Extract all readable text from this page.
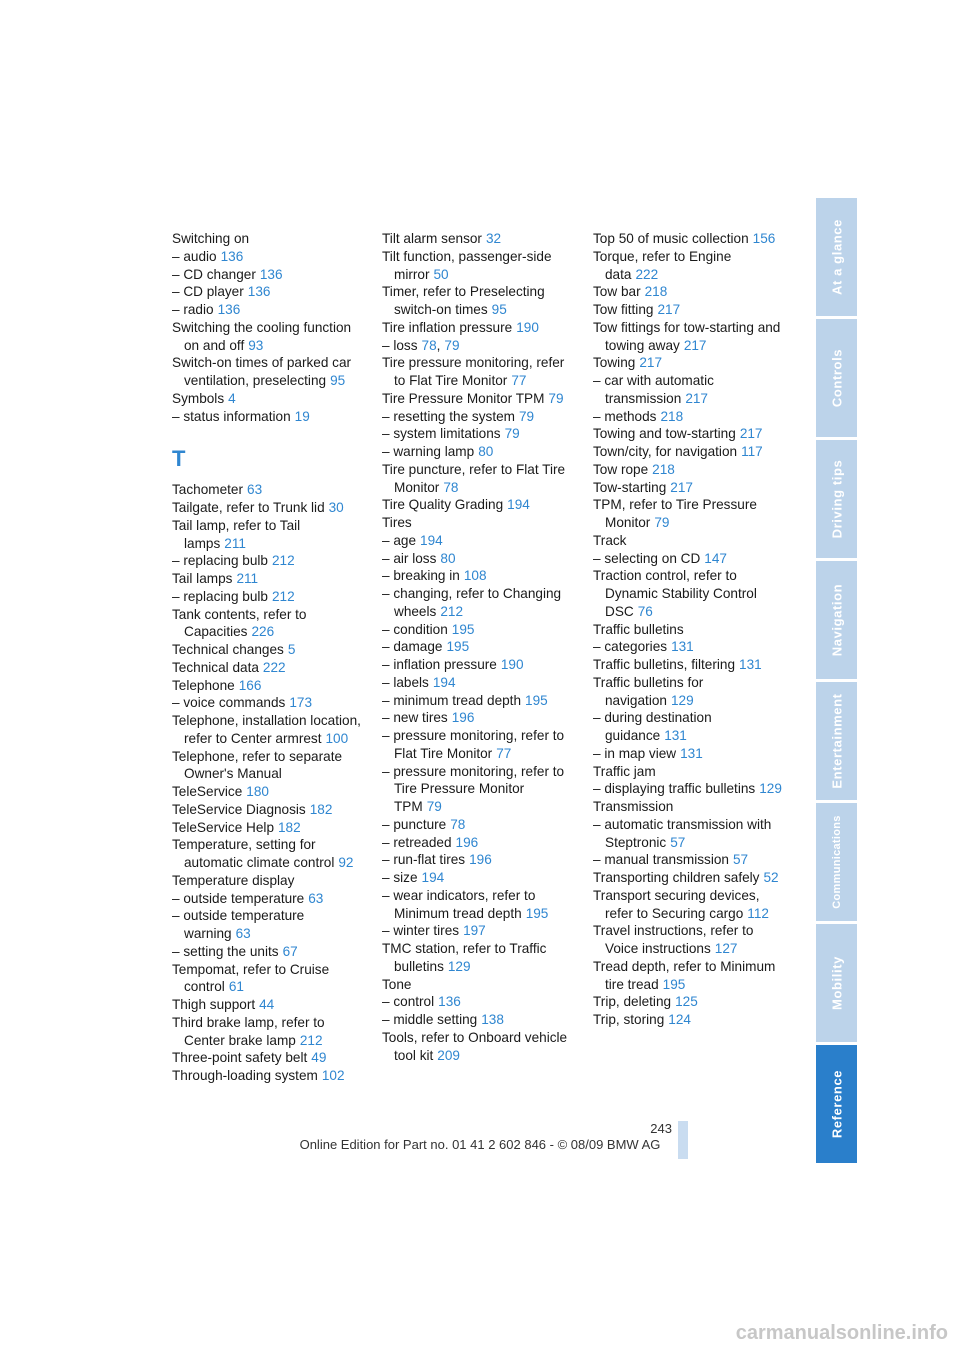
Switching on
– audio 136
– CD changer 136
– CD player 136
– radio 136
Switching the cooling function on and off 93
Switch-on times of parked car ventilation, preselecting 95
Symbols 4
– status information 19
T
Tachometer 63
Tailgate, refer to Trunk lid 30
Tail lamp, refer to Tail lamps 211
– replacing bulb 212
Tail lamps 211
– replacing bulb 212
Tank contents, refer to Capacities 226
Technical changes 5
Technical data 222
Telephone 166
– voice commands 173
Telephone, installation location, refer to Center armrest 100
Telephone, refer to separate Owner's Manual
TeleService 180
TeleService Diagnosis 182
TeleService Help 182
Temperature, setting for automatic climate control 92
Temperature display
– outside temperature 63
– outside temperature warning 63
– setting the units 67
Tempomat, refer to Cruise control 61
Thigh support 44
Third brake lamp, refer to Center brake lamp 212
Three-point safety belt 49
Through-loading system 102
Tilt alarm sensor 32
Tilt function, passenger-side mirror 50
Timer, refer to Preselecting switch-on times 95
Tire inflation pressure 190
– loss 78, 79
Tire pressure monitoring, refer to Flat Tire Monitor 77
Tire Pressure Monitor TPM 79
– resetting the system 79
– system limitations 79
– warning lamp 80
Tire puncture, refer to Flat Tire Monitor 78
Tire Quality Grading 194
Tires
– age 194
– air loss 80
– breaking in 108
– changing, refer to Changing wheels 212
– condition 195
– damage 195
– inflation pressure 190
– labels 194
– minimum tread depth 195
– new tires 196
– pressure monitoring, refer to Flat Tire Monitor 77
– pressure monitoring, refer to Tire Pressure Monitor TPM 79
– puncture 78
– retreaded 196
– run-flat tires 196
– size 194
– wear indicators, refer to Minimum tread depth 195
– winter tires 197
TMC station, refer to Traffic bulletins 129
Tone
– control 136
– middle setting 138
Tools, refer to Onboard vehicle tool kit 209
Top 50 of music collection 156
Torque, refer to Engine data 222
Tow bar 218
Tow fitting 217
Tow fittings for tow-starting and towing away 217
Towing 217
– car with automatic transmission 217
– methods 218
Towing and tow-starting 217
Town/city, for navigation 117
Tow rope 218
Tow-starting 217
TPM, refer to Tire Pressure Monitor 79
Track
– selecting on CD 147
Traction control, refer to Dynamic Stability Control DSC 76
Traffic bulletins
– categories 131
Traffic bulletins, filtering 131
Traffic bulletins for navigation 129
– during destination guidance 131
– in map view 131
Traffic jam
– displaying traffic bulletins 129
Transmission
– automatic transmission with Steptronic 57
– manual transmission 57
Transporting children safely 52
Transport securing devices, refer to Securing cargo 112
Travel instructions, refer to Voice instructions 127
Tread depth, refer to Minimum tire tread 195
Trip, deleting 125
Trip, storing 124
At a glance
Controls
Driving tips
Navigation
Entertainment
Communications
Mobility
Reference
243
Online Edition for Part no. 01 41 2 602 846 - © 08/09 BMW AG
carmanualsonline.info
